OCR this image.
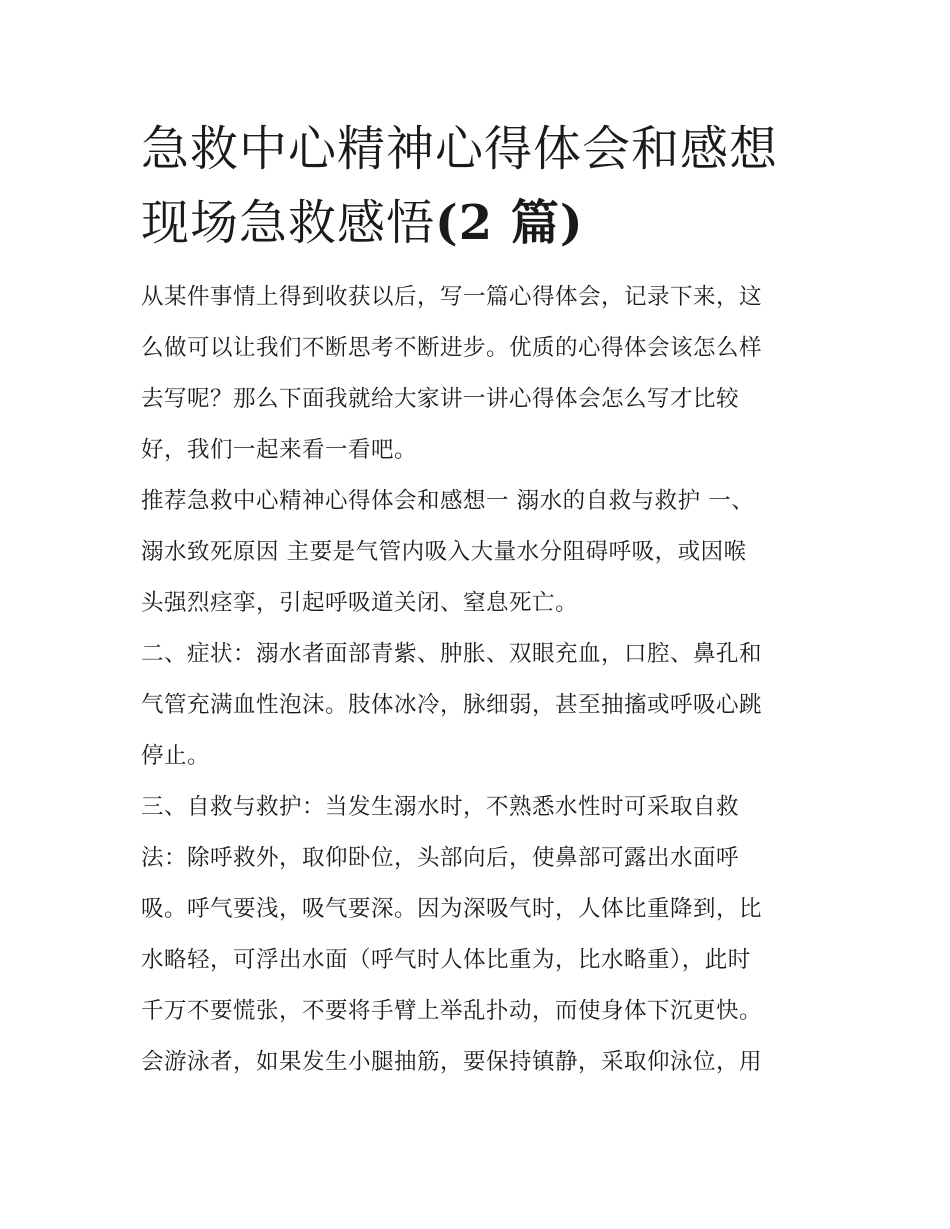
急救中心精神心得体会和感想
现场急救感悟(2 篇)

从某件事情上得到收获以后，写一篇心得体会，记录下来，这
么做可以让我们不断思考不断进步。优质的心得体会该怎么样
去写呢？那么下面我就给大家讲一讲心得体会怎么写才比较
好，我们一起来看一看吧。

推荐急救中心精神心得体会和感想一 溺水的自救与救护 一、
溺水致死原因 主要是气管内吸入大量水分阻碍呼吸，或因喉
头强烈痉挛，引起呼吸道关闭、窒息死亡。

二、症状：溺水者面部青紫、肿胀、双眼充血，口腔、鼻孔和
气管充满血性泡沫。肢体冰冷，脉细弱，甚至抽搐或呼吸心跳
停止。

三、自救与救护：当发生溺水时，不熟悉水性时可采取自救
法：除呼救外，取仰卧位，头部向后，使鼻部可露出水面呼
吸。呼气要浅，吸气要深。因为深吸气时，人体比重降到，比
水略轻，可浮出水面（呼气时人体比重为，比水略重），此时
千万不要慌张，不要将手臂上举乱扑动，而使身体下沉更快。
会游泳者，如果发生小腿抽筋，要保持镇静，采取仰泳位，用
